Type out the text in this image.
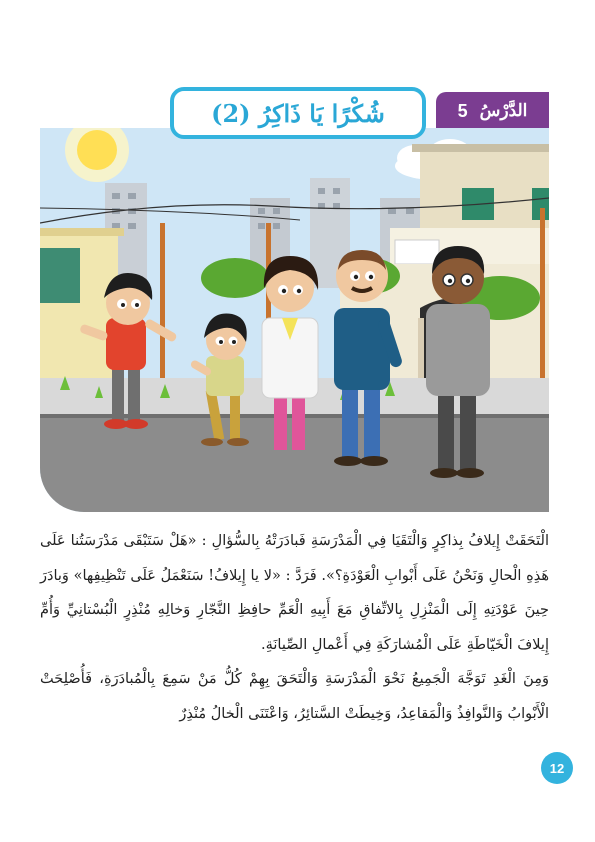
الدَّرْسُ
5
شُكْرًا يَا ذَاكِرُ (2)

الْتَحَقَتْ إِيلافُ بِذاكِرٍ وَالْتَقَيَا فِي الْمَدْرَسَةِ فَبادَرَتْهُ بِالسُّؤالِ : «هَلْ سَتَبْقَى مَدْرَسَتُنا عَلَى هَذِهِ الْحالِ وَنَحْنُ عَلَى أَبْوابِ الْعَوْدَةِ؟». فَرَدَّ : «لا يا إِيلافُ! سَنَعْمَلُ عَلَى تَنْظِيفِها» وَبادَرَ حِينَ عَوْدَتِهِ إِلَى الْمَنْزِلِ بِالاتِّفاقِ مَعَ أَبِيهِ الْعَمِّ حافِظِ النَّجّارِ وَخالِهِ مُنْذِرٍ الْبُسْتانِيِّ وَأُمِّ إِيلافَ الْخَيّاطَةِ عَلَى الْمُشارَكَةِ فِي أَعْمالِ الصِّيانَةِ.

وَمِنَ الْغَدِ تَوَجَّهَ الْجَمِيعُ نَحْوَ الْمَدْرَسَةِ وَالْتَحَقَ بِهِمْ كُلُّ مَنْ سَمِعَ بِالْمُبادَرَةِ، فَأُصْلِحَتْ الْأَبْوابُ وَالنَّوافِذُ وَالْمَقاعِدُ، وَخِيطَتْ السَّتائِرُ، وَاعْتَنَى الْخالُ مُنْذِرٌ

12
